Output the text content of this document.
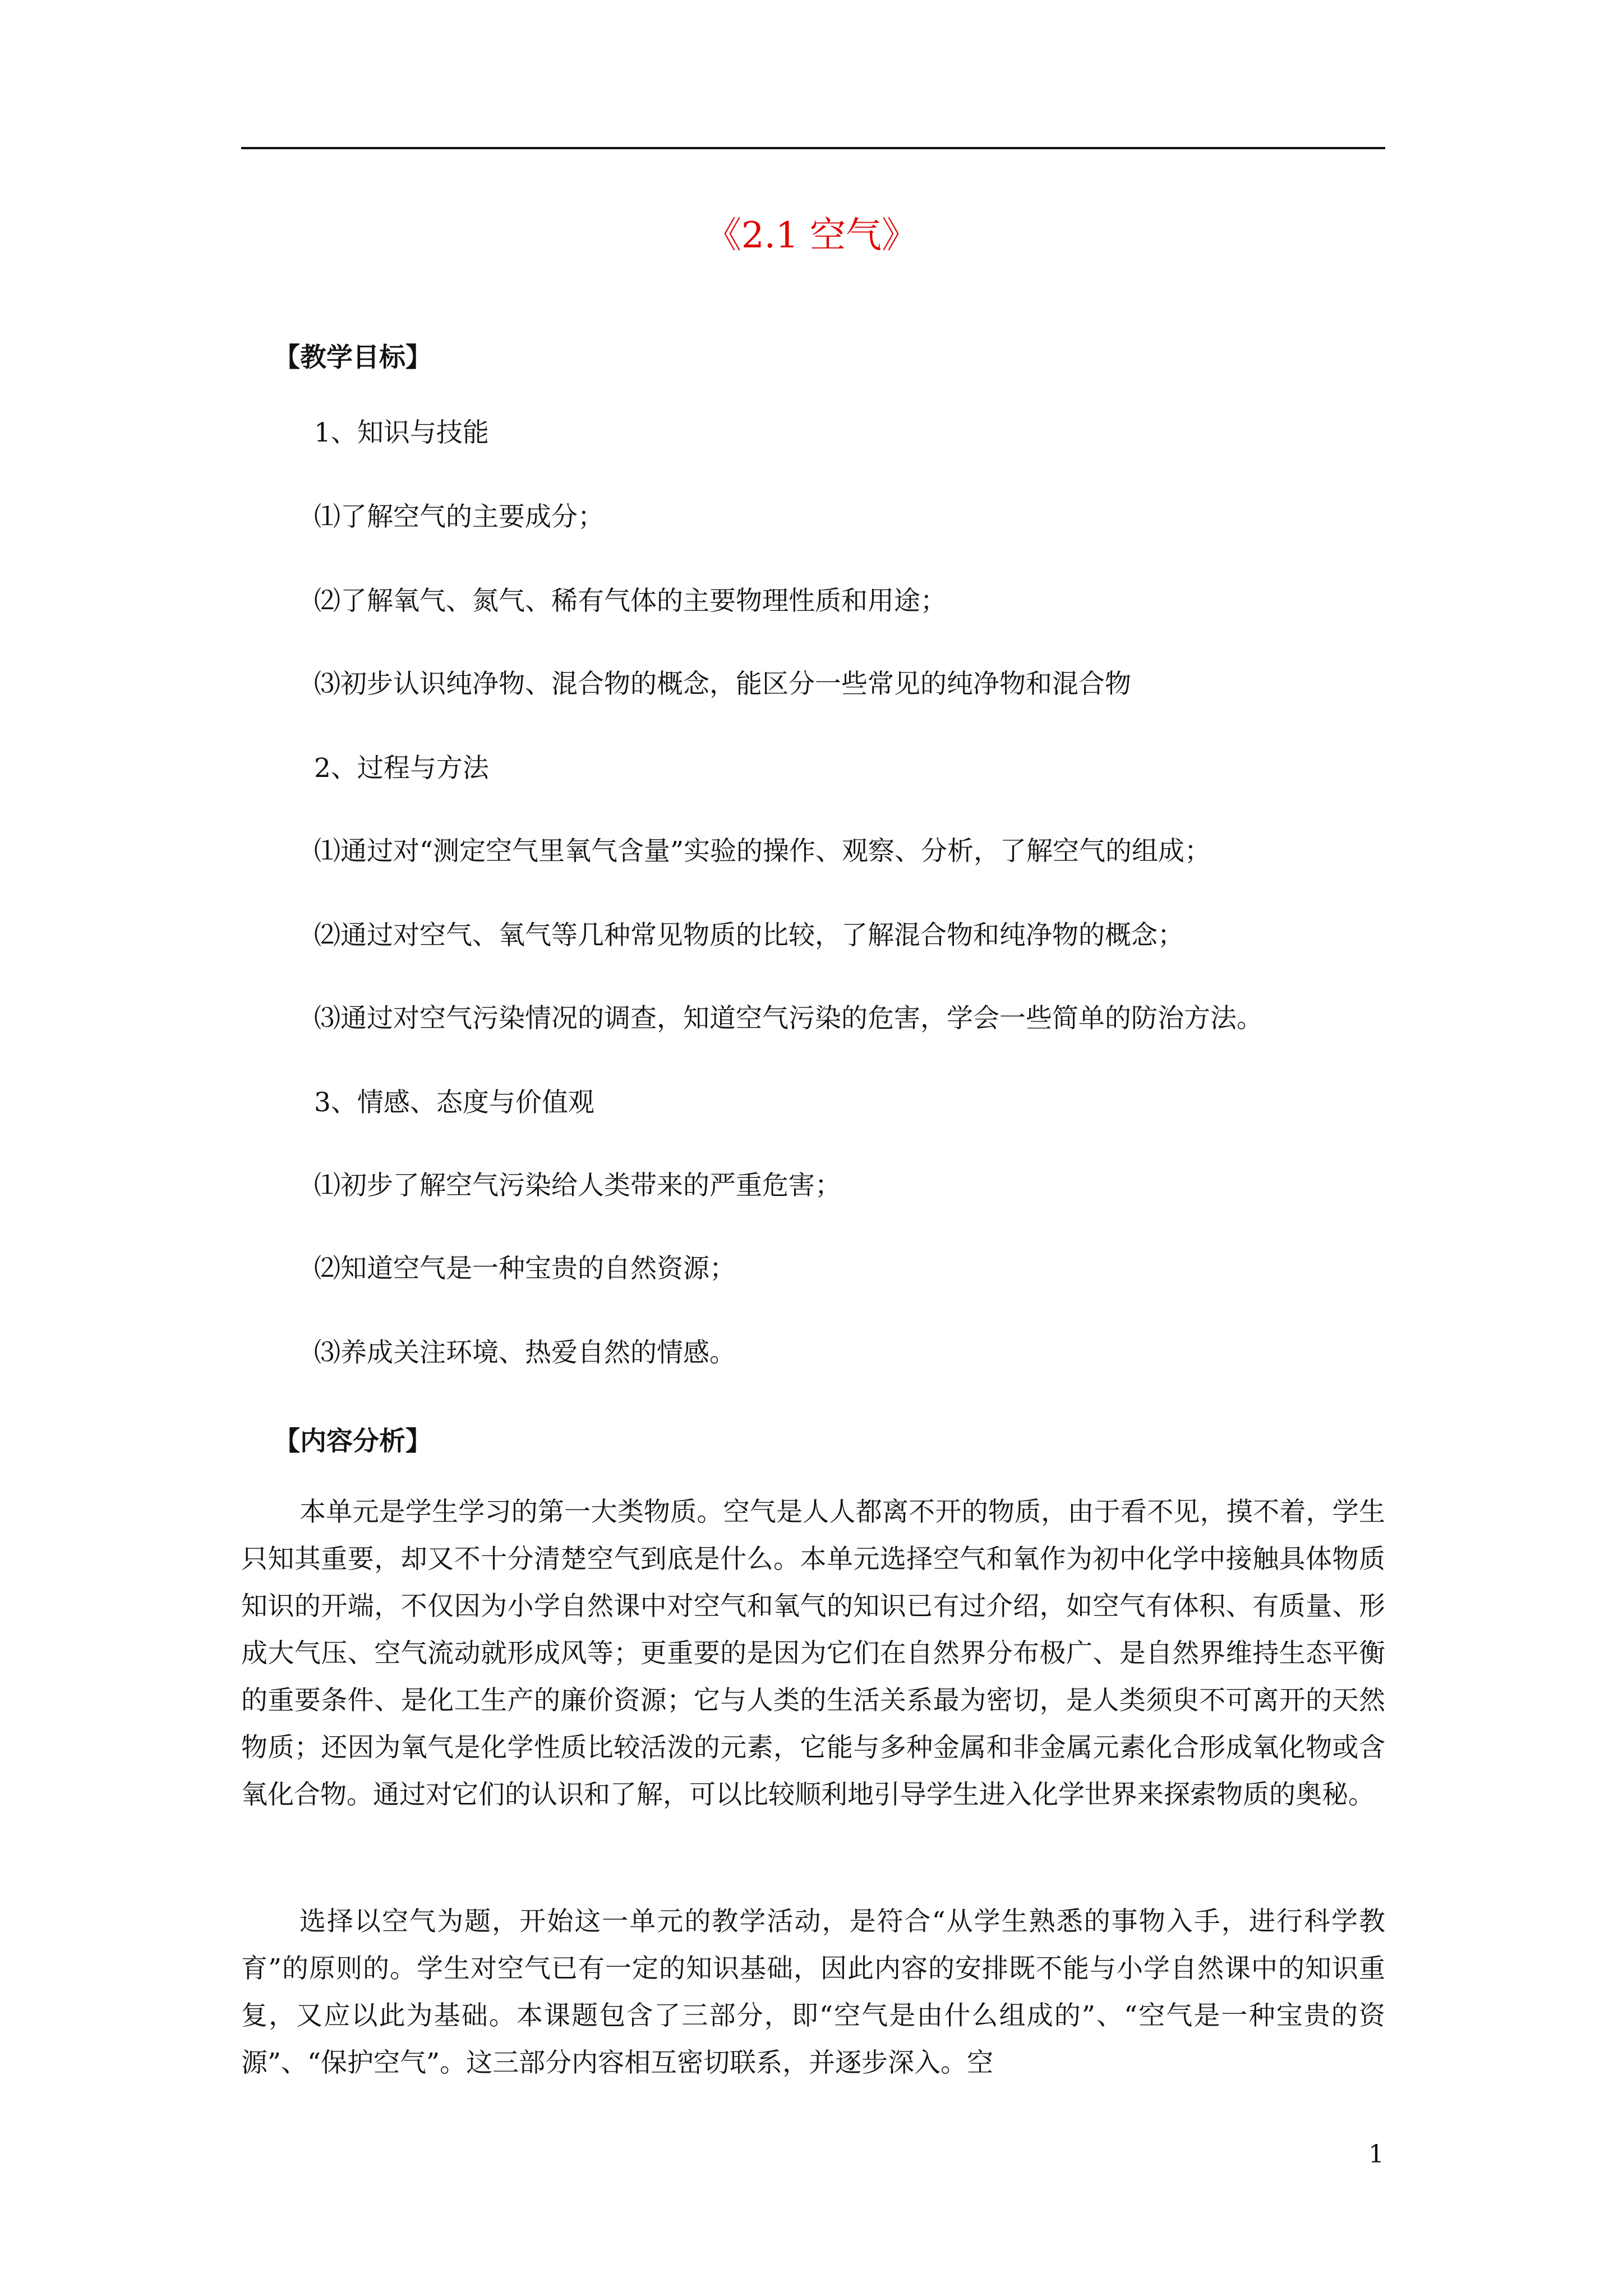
《2.1 空气》
【教学目标】
1、知识与技能
⑴了解空气的主要成分；
⑵了解氧气、氮气、稀有气体的主要物理性质和用途；
⑶初步认识纯净物、混合物的概念，能区分一些常见的纯净物和混合物
2、过程与方法
⑴通过对“测定空气里氧气含量”实验的操作、观察、分析，了解空气的组成；
⑵通过对空气、氧气等几种常见物质的比较，了解混合物和纯净物的概念；
⑶通过对空气污染情况的调查，知道空气污染的危害，学会一些简单的防治方法。
3、情感、态度与价值观
⑴初步了解空气污染给人类带来的严重危害；
⑵知道空气是一种宝贵的自然资源；
⑶养成关注环境、热爱自然的情感。
【内容分析】

本单元是学生学习的第一大类物质。空气是人人都离不开的物质，由于看不见，摸不着，学生只知其重要，却又不十分清楚空气到底是什么。本单元选择空气和氧作为初中化学中接触具体物质知识的开端，不仅因为小学自然课中对空气和氧气的知识已有过介绍，如空气有体积、有质量、形成大气压、空气流动就形成风等；更重要的是因为它们在自然界分布极广、是自然界维持生态平衡的重要条件、是化工生产的廉价资源；它与人类的生活关系最为密切，是人类须臾不可离开的天然物质；还因为氧气是化学性质比较活泼的元素，它能与多种金属和非金属元素化合形成氧化物或含氧化合物。通过对它们的认识和了解，可以比较顺利地引导学生进入化学世界来探索物质的奥秘。

选择以空气为题，开始这一单元的教学活动，是符合“从学生熟悉的事物入手，进行科学教育”的原则的。学生对空气已有一定的知识基础，因此内容的安排既不能与小学自然课中的知识重复，又应以此为基础。本课题包含了三部分，即“空气是由什么组成的”、“空气是一种宝贵的资源”、“保护空气”。这三部分内容相互密切联系，并逐步深入。空

1
